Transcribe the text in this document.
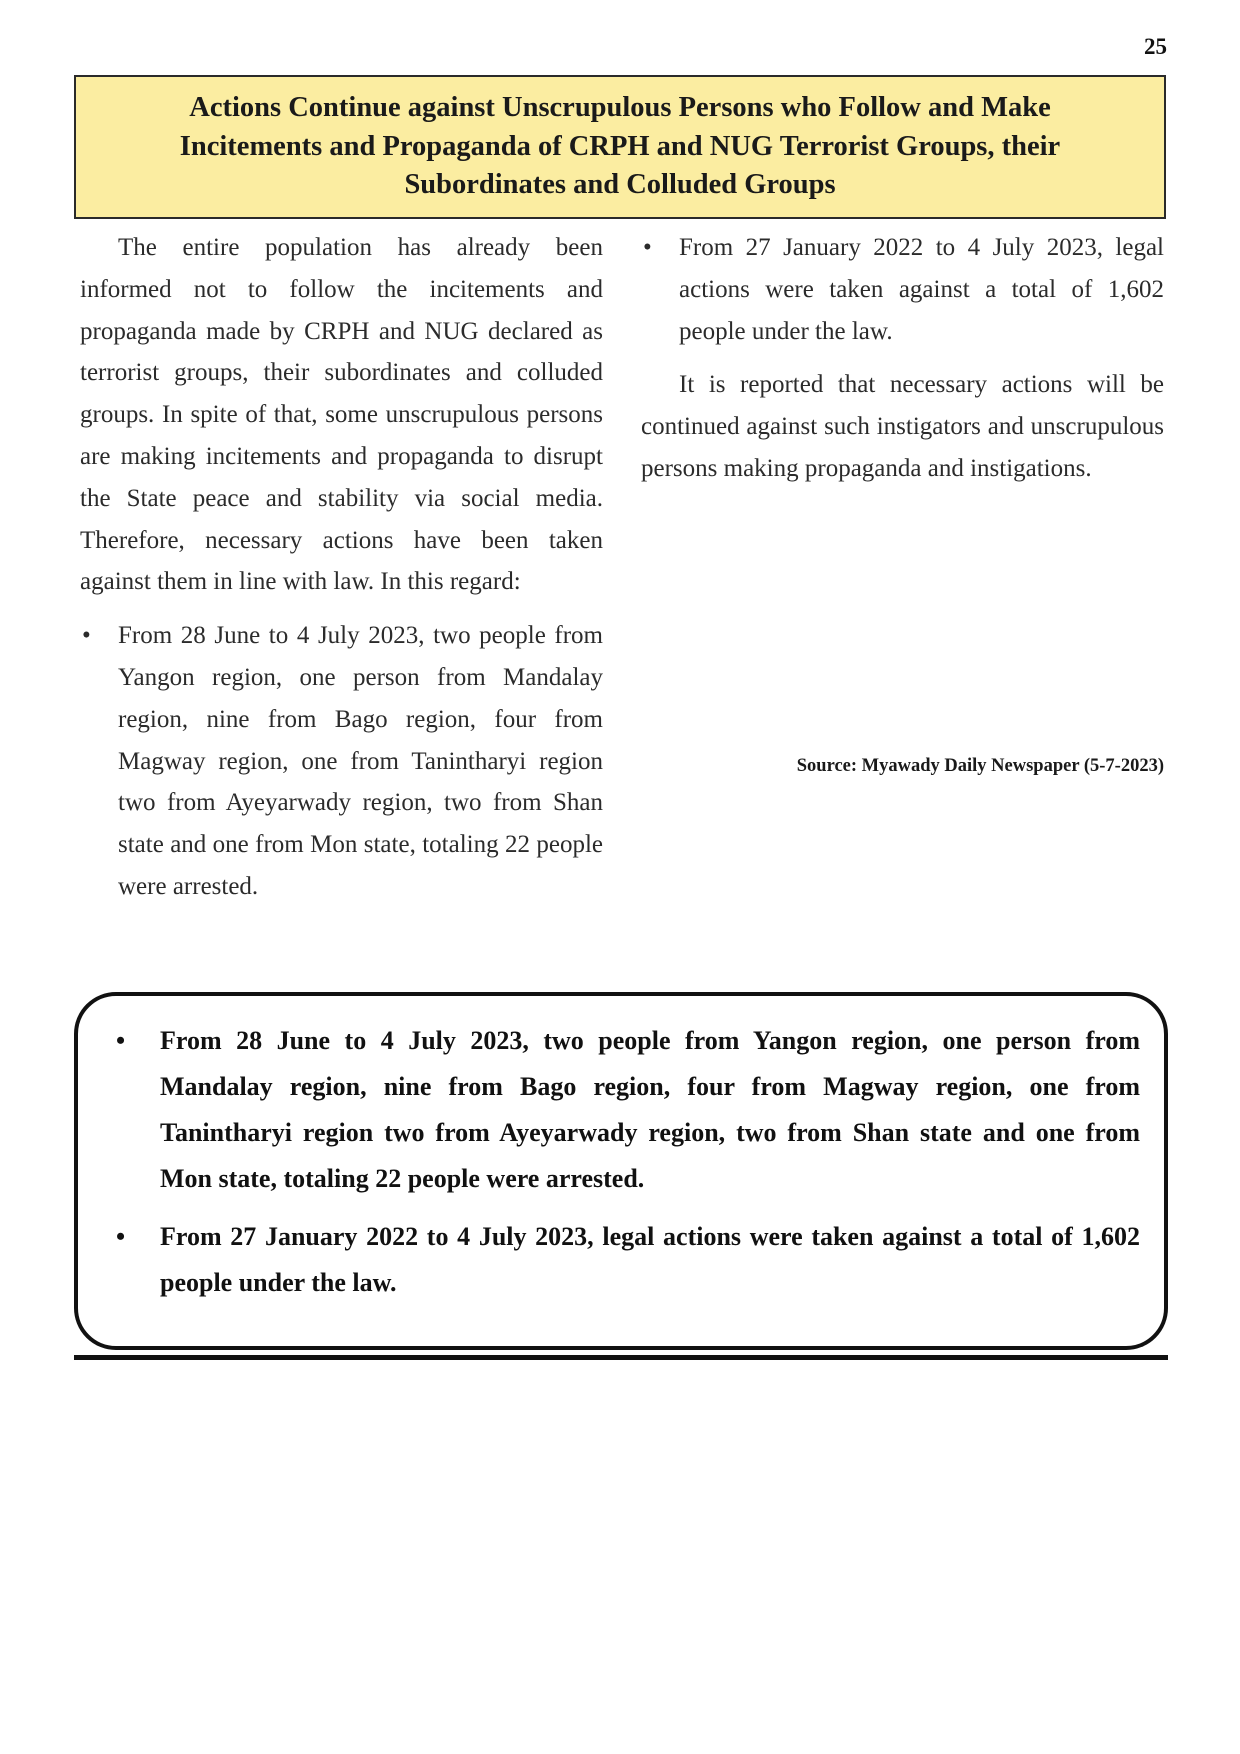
25
Actions Continue against Unscrupulous Persons who Follow and Make
Incitements and Propaganda of CRPH and NUG Terrorist Groups, their
Subordinates and Colluded Groups

The entire population has already been informed not to follow the incitements and propaganda made by CRPH and NUG declared as terrorist groups, their subordinates and colluded groups. In spite of that, some unscrupulous persons are making incitements and propaganda to disrupt the State peace and stability via social media. Therefore, necessary actions have been taken against them in line with law. In this regard:

• From 28 June to 4 July 2023, two people from Yangon region, one person from Mandalay region, nine from Bago region, four from Magway region, one from Tanintharyi region two from Ayeyarwady region, two from Shan state and one from Mon state, totaling 22 people were arrested.
• From 27 January 2022 to 4 July 2023, legal actions were taken against a total of 1,602 people under the law.

It is reported that necessary actions will be continued against such instigators and unscrupulous persons making propaganda and instigations.

Source: Myawady Daily Newspaper (5-7-2023)
• From 28 June to 4 July 2023, two people from Yangon region, one person from Mandalay region, nine from Bago region, four from Magway region, one from Tanintharyi region two from Ayeyarwady region, two from Shan state and one from Mon state, totaling 22 people were arrested.
• From 27 January 2022 to 4 July 2023, legal actions were taken against a total of 1,602 people under the law.
